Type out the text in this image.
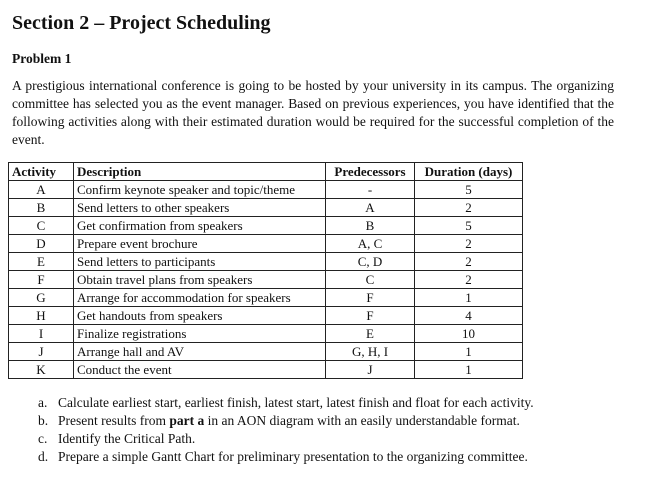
Section 2 – Project Scheduling
Problem 1

A prestigious international conference is going to be hosted by your university in its campus. The organizing committee has selected you as the event manager. Based on previous experiences, you have identified that the following activities along with their estimated duration would be required for the successful completion of the event.

Activity	Description	Predecessors	Duration (days)
A	Confirm keynote speaker and topic/theme	-	5
B	Send letters to other speakers	A	2
C	Get confirmation from speakers	B	5
D	Prepare event brochure	A, C	2
E	Send letters to participants	C, D	2
F	Obtain travel plans from speakers	C	2
G	Arrange for accommodation for speakers	F	1
H	Get handouts from speakers	F	4
I	Finalize registrations	E	10
J	Arrange hall and AV	G, H, I	1
K	Conduct the event	J	1
a. Calculate earliest start, earliest finish, latest start, latest finish and float for each activity.
b. Present results from part a in an AON diagram with an easily understandable format.
c. Identify the Critical Path.
d. Prepare a simple Gantt Chart for preliminary presentation to the organizing committee.
